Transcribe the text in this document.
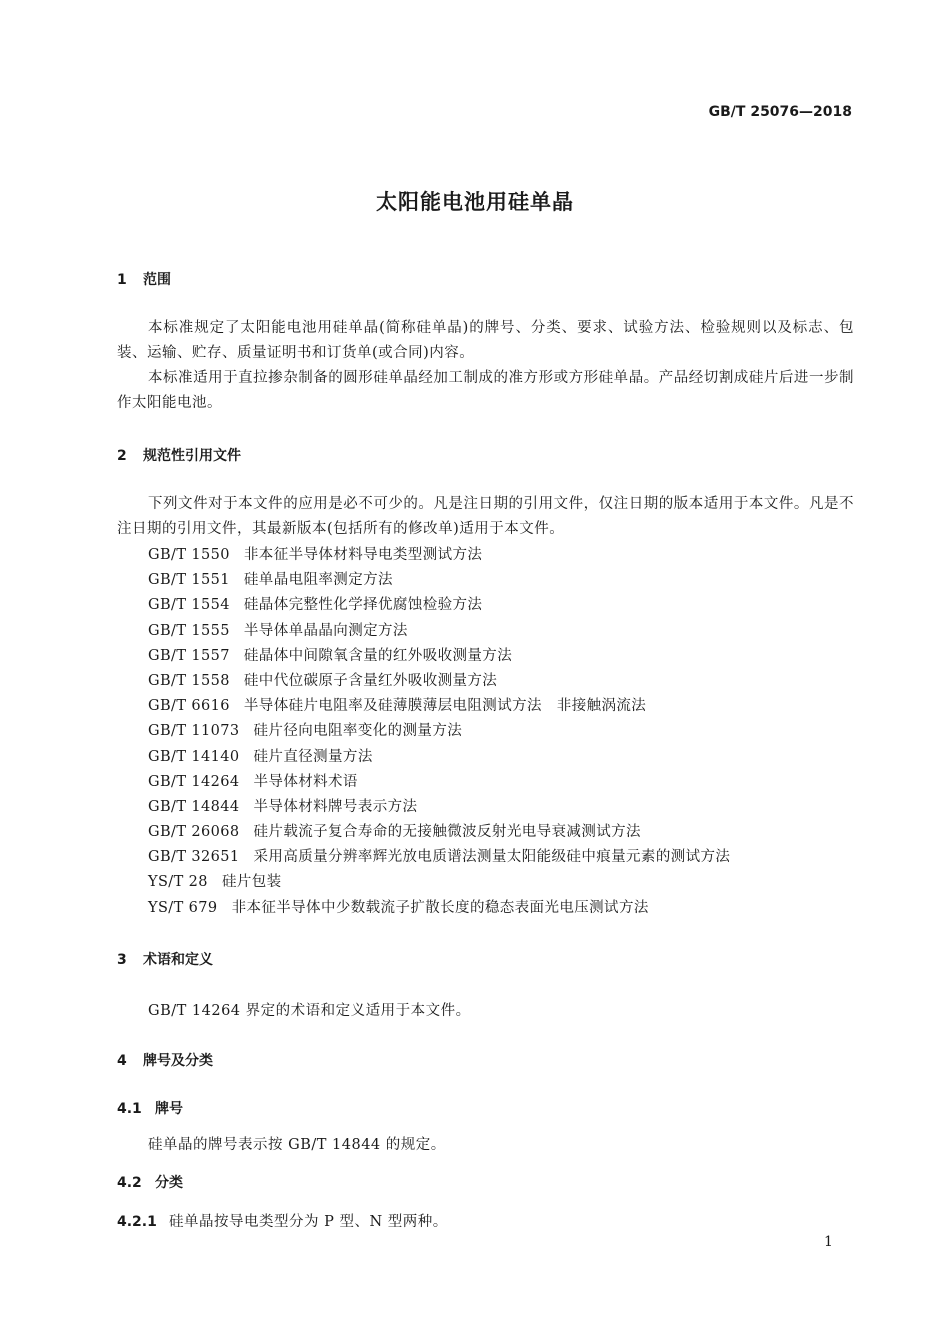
GB/T 25076—2018
太阳能电池用硅单晶
1 范围

本标准规定了太阳能电池用硅单晶(简称硅单晶)的牌号、分类、要求、试验方法、检验规则以及标志、包装、运输、贮存、质量证明书和订货单(或合同)内容。

本标准适用于直拉掺杂制备的圆形硅单晶经加工制成的准方形或方形硅单晶。产品经切割成硅片后进一步制作太阳能电池。

2 规范性引用文件

下列文件对于本文件的应用是必不可少的。凡是注日期的引用文件，仅注日期的版本适用于本文件。凡是不注日期的引用文件，其最新版本(包括所有的修改单)适用于本文件。

GB/T 1550 非本征半导体材料导电类型测试方法
GB/T 1551 硅单晶电阻率测定方法
GB/T 1554 硅晶体完整性化学择优腐蚀检验方法
GB/T 1555 半导体单晶晶向测定方法
GB/T 1557 硅晶体中间隙氧含量的红外吸收测量方法
GB/T 1558 硅中代位碳原子含量红外吸收测量方法
GB/T 6616 半导体硅片电阻率及硅薄膜薄层电阻测试方法　非接触涡流法
GB/T 11073 硅片径向电阻率变化的测量方法
GB/T 14140 硅片直径测量方法
GB/T 14264 半导体材料术语
GB/T 14844 半导体材料牌号表示方法
GB/T 26068 硅片载流子复合寿命的无接触微波反射光电导衰减测试方法
GB/T 32651 采用高质量分辨率辉光放电质谱法测量太阳能级硅中痕量元素的测试方法
YS/T 28 硅片包装
YS/T 679 非本征半导体中少数载流子扩散长度的稳态表面光电压测试方法
3 术语和定义
GB/T 14264 界定的术语和定义适用于本文件。
4 牌号及分类
4.1 牌号
硅单晶的牌号表示按 GB/T 14844 的规定。
4.2 分类
4.2.1 硅单晶按导电类型分为 P 型、N 型两种。
1
